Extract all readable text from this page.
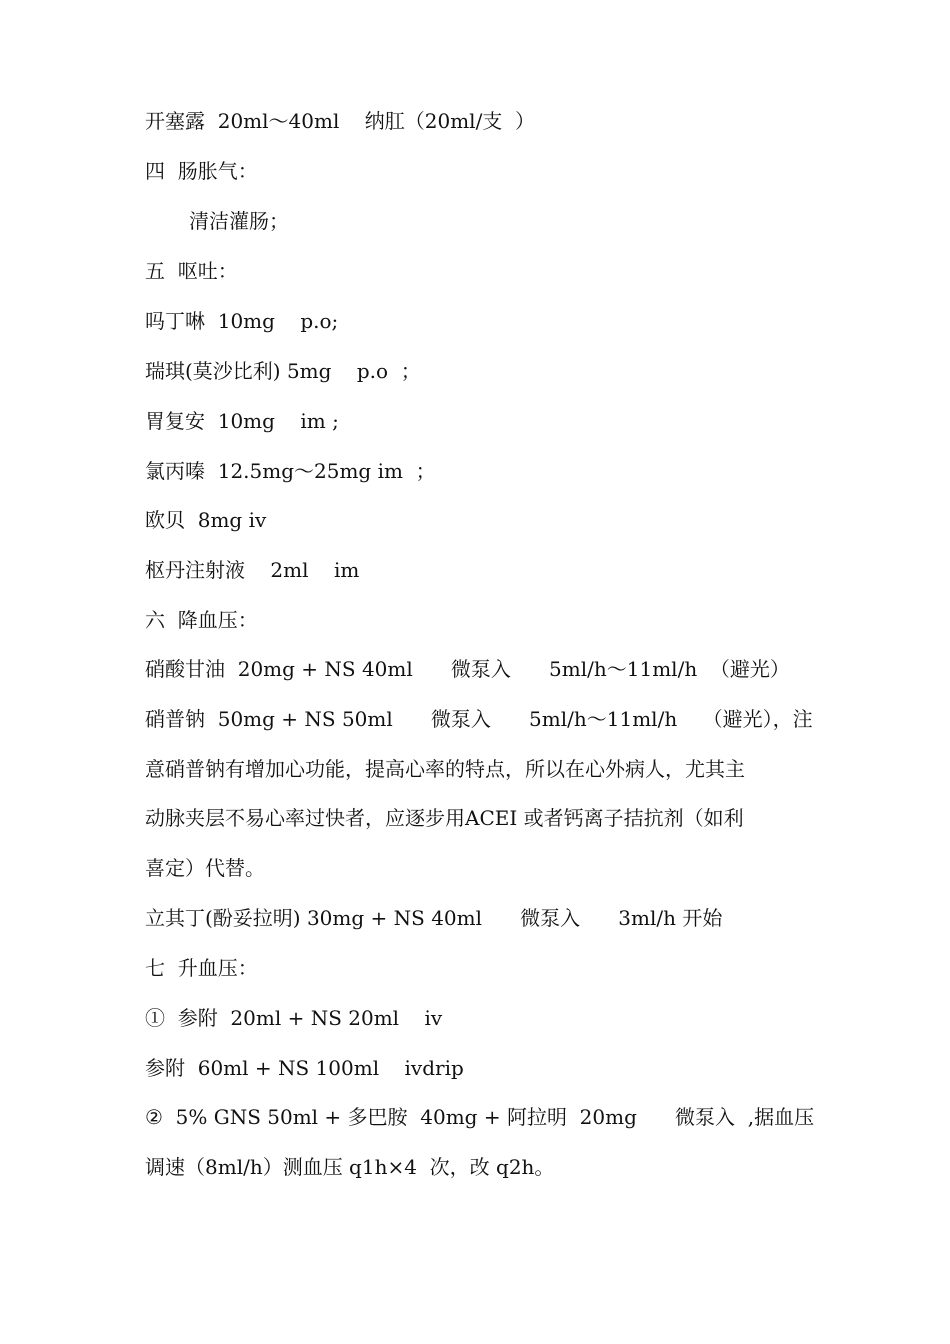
开塞露  20ml～40ml    纳肛（20ml/支  ）
四  肠胀气：
清洁灌肠；
五  呕吐：
吗丁啉  10mg    p.o;
瑞琪(莫沙比利) 5mg    p.o  ；
胃复安  10mg    im ;
氯丙嗪  12.5mg～25mg im  ；
欧贝  8mg iv
枢丹注射液    2ml    im
六  降血压：
硝酸甘油  20mg + NS 40ml      微泵入      5ml/h～11ml/h  （避光）
硝普钠  50mg + NS 50ml      微泵入      5ml/h～11ml/h    （避光），注
意硝普钠有增加心功能，提高心率的特点，所以在心外病人，尤其主
动脉夹层不易心率过快者，应逐步用ACEI 或者钙离子拮抗剂（如利
喜定）代替。
立其丁(酚妥拉明) 30mg + NS 40ml      微泵入      3ml/h 开始
七  升血压：
①  参附  20ml + NS 20ml    iv
参附  60ml + NS 100ml    ivdrip
②  5% GNS 50ml + 多巴胺  40mg + 阿拉明  20mg      微泵入  ,据血压
调速（8ml/h）测血压 q1h×4  次，改 q2h。
